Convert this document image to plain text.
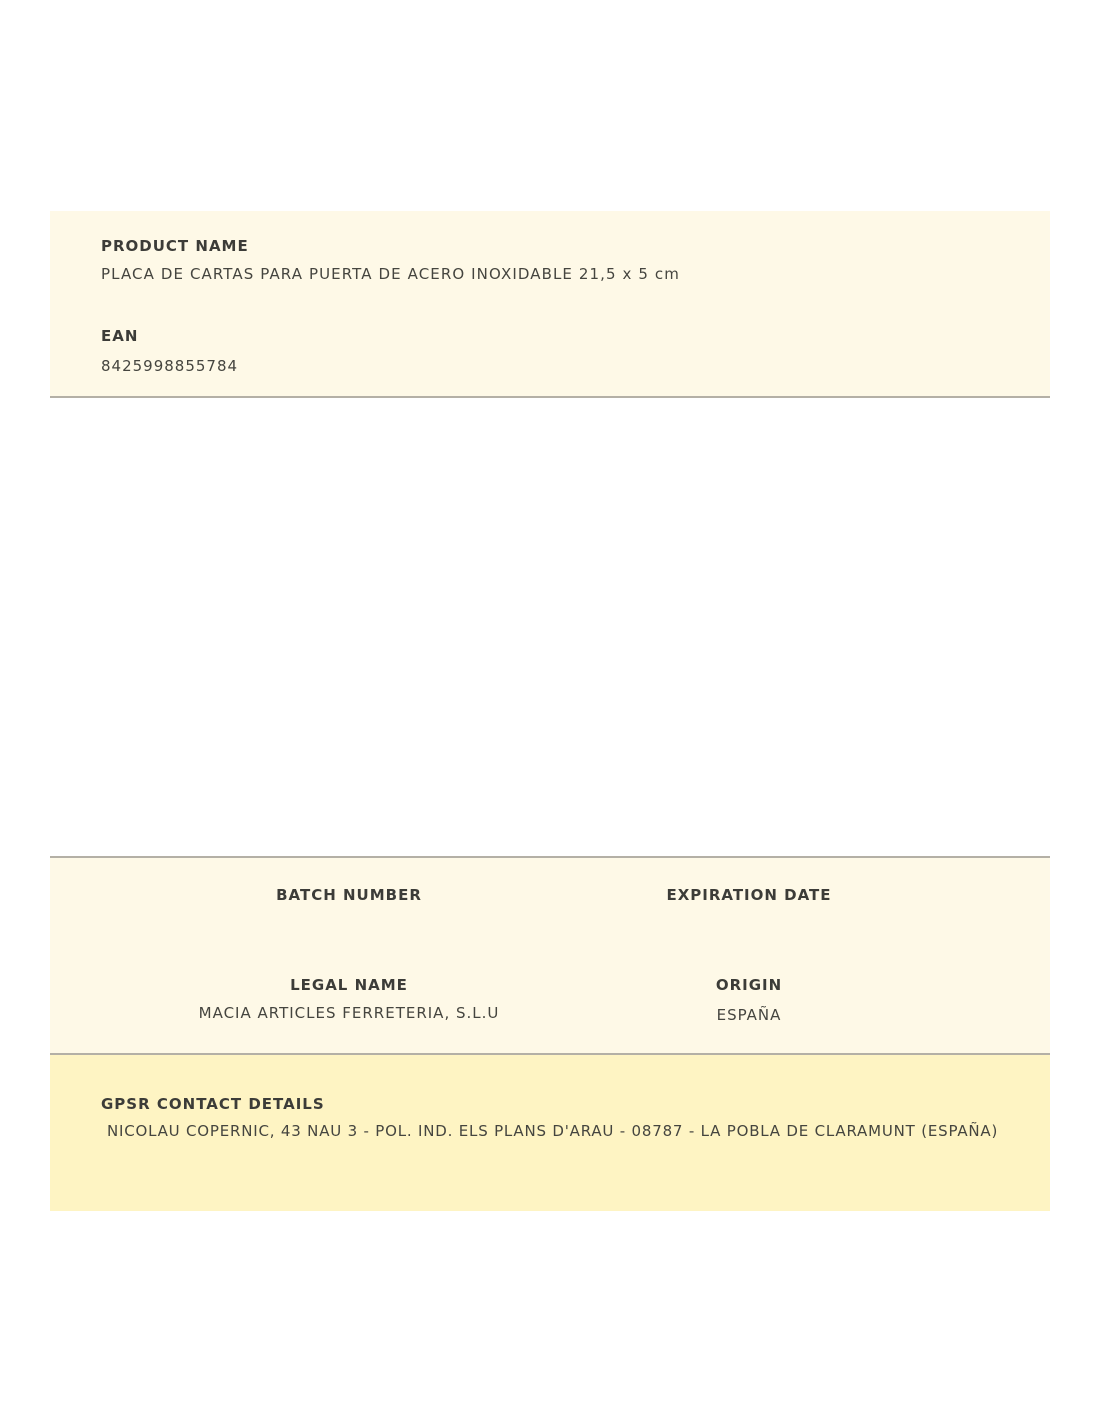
PRODUCT NAME
PLACA DE CARTAS PARA PUERTA DE ACERO INOXIDABLE 21,5 x 5 cm
EAN
8425998855784
BATCH NUMBER	EXPIRATION DATE
LEGAL NAME
MACIA ARTICLES FERRETERIA, S.L.U
ORIGIN
ESPAÑA
GPSR CONTACT DETAILS
NICOLAU COPERNIC, 43 NAU 3 - POL. IND. ELS PLANS D'ARAU - 08787 - LA POBLA DE CLARAMUNT (ESPAÑA)
